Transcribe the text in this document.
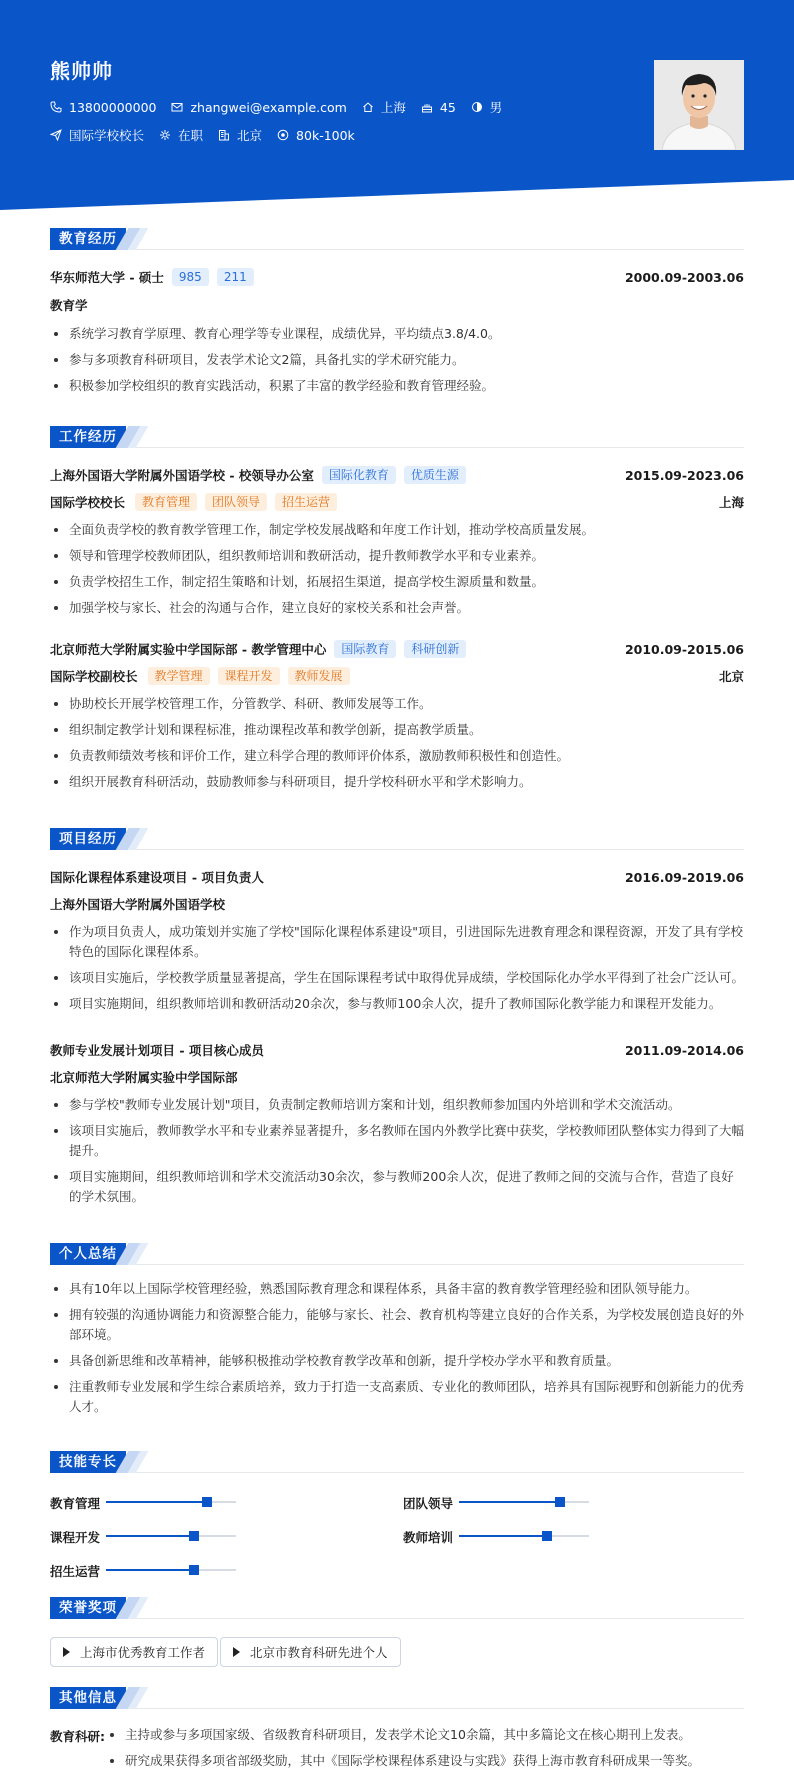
熊帅帅
13800000000	zhangwei@example.com	上海	45	男
国际学校校长	在职	北京	80k-100k
教育经历
华东师范大学 - 硕士	985	211	2000.09-2003.06
教育学
系统学习教育学原理、教育心理学等专业课程，成绩优异，平均绩点3.8/4.0。
参与多项教育科研项目，发表学术论文2篇，具备扎实的学术研究能力。
积极参加学校组织的教育实践活动，积累了丰富的教学经验和教育管理经验。
工作经历
上海外国语大学附属外国语学校 - 校领导办公室	国际化教育	优质生源	2015.09-2023.06
国际学校校长	教育管理	团队领导	招生运营	上海
全面负责学校的教育教学管理工作，制定学校发展战略和年度工作计划，推动学校高质量发展。
领导和管理学校教师团队，组织教师培训和教研活动，提升教师教学水平和专业素养。
负责学校招生工作，制定招生策略和计划，拓展招生渠道，提高学校生源质量和数量。
加强学校与家长、社会的沟通与合作，建立良好的家校关系和社会声誉。
北京师范大学附属实验中学国际部 - 教学管理中心	国际教育	科研创新	2010.09-2015.06
国际学校副校长	教学管理	课程开发	教师发展	北京
协助校长开展学校管理工作，分管教学、科研、教师发展等工作。
组织制定教学计划和课程标准，推动课程改革和教学创新，提高教学质量。
负责教师绩效考核和评价工作，建立科学合理的教师评价体系，激励教师积极性和创造性。
组织开展教育科研活动，鼓励教师参与科研项目，提升学校科研水平和学术影响力。
项目经历
国际化课程体系建设项目 - 项目负责人	2016.09-2019.06
上海外国语大学附属外国语学校
作为项目负责人，成功策划并实施了学校"国际化课程体系建设"项目，引进国际先进教育理念和课程资源，开发了具有学校特色的国际化课程体系。
该项目实施后，学校教学质量显著提高，学生在国际课程考试中取得优异成绩，学校国际化办学水平得到了社会广泛认可。
项目实施期间，组织教师培训和教研活动20余次，参与教师100余人次，提升了教师国际化教学能力和课程开发能力。
教师专业发展计划项目 - 项目核心成员	2011.09-2014.06
北京师范大学附属实验中学国际部
参与学校"教师专业发展计划"项目，负责制定教师培训方案和计划，组织教师参加国内外培训和学术交流活动。
该项目实施后，教师教学水平和专业素养显著提升，多名教师在国内外教学比赛中获奖，学校教师团队整体实力得到了大幅提升。
项目实施期间，组织教师培训和学术交流活动30余次，参与教师200余人次，促进了教师之间的交流与合作，营造了良好的学术氛围。
个人总结
具有10年以上国际学校管理经验，熟悉国际教育理念和课程体系，具备丰富的教育教学管理经验和团队领导能力。
拥有较强的沟通协调能力和资源整合能力，能够与家长、社会、教育机构等建立良好的合作关系，为学校发展创造良好的外部环境。
具备创新思维和改革精神，能够积极推动学校教育教学改革和创新，提升学校办学水平和教育质量。
注重教师专业发展和学生综合素质培养，致力于打造一支高素质、专业化的教师团队，培养具有国际视野和创新能力的优秀人才。
技能专长
教育管理	团队领导
课程开发	教师培训
招生运营
荣誉奖项
上海市优秀教育工作者	北京市教育科研先进个人
其他信息
教育科研:	主持或参与多项国家级、省级教育科研项目，发表学术论文10余篇，其中多篇论文在核心期刊上发表。
研究成果获得多项省部级奖励，其中《国际学校课程体系建设与实践》获得上海市教育科研成果一等奖。
